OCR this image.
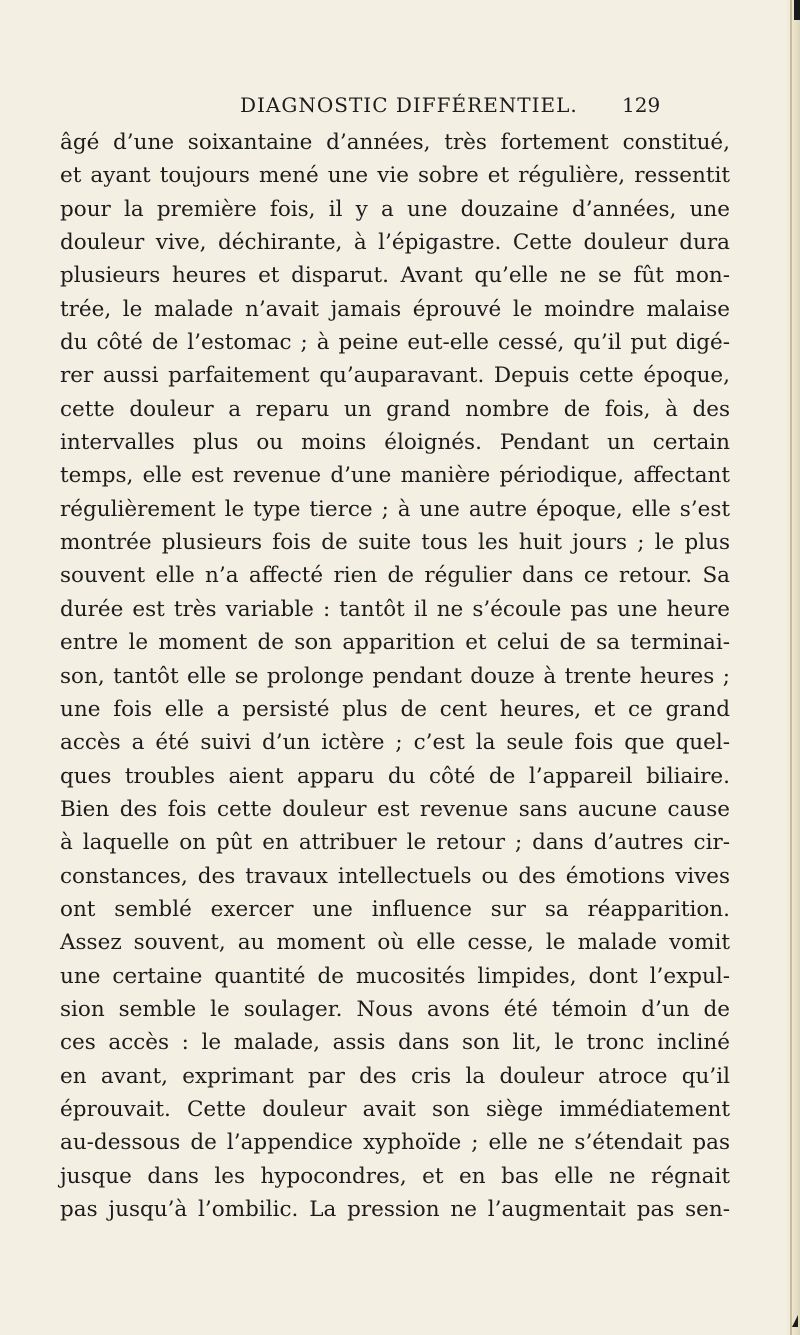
DIAGNOSTIC DIFFÉRENTIEL. 129
âgé d’une soixantaine d’années, très fortement constitué,
et ayant toujours mené une vie sobre et régulière, ressentit
pour la première fois, il y a une douzaine d’années, une
douleur vive, déchirante, à l’épigastre. Cette douleur dura
plusieurs heures et disparut. Avant qu’elle ne se fût mon-
trée, le malade n’avait jamais éprouvé le moindre malaise
du côté de l’estomac ; à peine eut-elle cessé, qu’il put digé-
rer aussi parfaitement qu’auparavant. Depuis cette époque,
cette douleur a reparu un grand nombre de fois, à des
intervalles plus ou moins éloignés. Pendant un certain
temps, elle est revenue d’une manière périodique, affectant
régulièrement le type tierce ; à une autre époque, elle s’est
montrée plusieurs fois de suite tous les huit jours ; le plus
souvent elle n’a affecté rien de régulier dans ce retour. Sa
durée est très variable : tantôt il ne s’écoule pas une heure
entre le moment de son apparition et celui de sa terminai-
son, tantôt elle se prolonge pendant douze à trente heures ;
une fois elle a persisté plus de cent heures, et ce grand
accès a été suivi d’un ictère ; c’est la seule fois que quel-
ques troubles aient apparu du côté de l’appareil biliaire.
Bien des fois cette douleur est revenue sans aucune cause
à laquelle on pût en attribuer le retour ; dans d’autres cir-
constances, des travaux intellectuels ou des émotions vives
ont semblé exercer une influence sur sa réapparition.
Assez souvent, au moment où elle cesse, le malade vomit
une certaine quantité de mucosités limpides, dont l’expul-
sion semble le soulager. Nous avons été témoin d’un de
ces accès : le malade, assis dans son lit, le tronc incliné
en avant, exprimant par des cris la douleur atroce qu’il
éprouvait. Cette douleur avait son siège immédiatement
au-dessous de l’appendice xyphoïde ; elle ne s’étendait pas
jusque dans les hypocondres, et en bas elle ne régnait
pas jusqu’à l’ombilic. La pression ne l’augmentait pas sen-
